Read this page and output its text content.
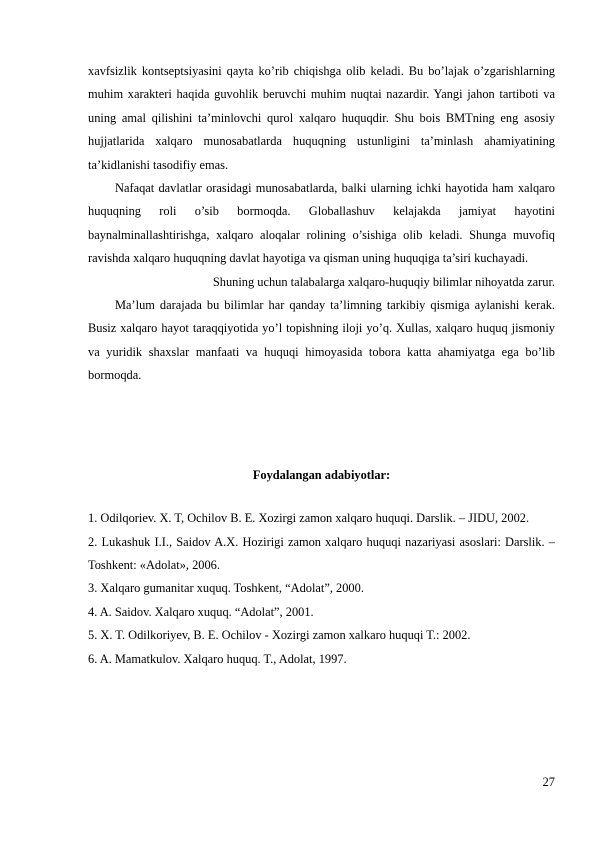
xavfsizlik kontseptsiyasini qayta ko’rib chiqishga olib keladi. Bu bo’lajak o’zgarishlarning muhim xarakteri haqida guvohlik beruvchi muhim nuqtai nazardir. Yangi jahon tartiboti va uning amal qilishini ta’minlovchi qurol xalqaro huquqdir. Shu bois BMTning eng asosiy hujjatlarida xalqaro munosabatlarda huquqning ustunligini ta’minlash ahamiyatining ta’kidlanishi tasodifiy emas.

Nafaqat davlatlar orasidagi munosabatlarda, balki ularning ichki hayotida ham xalqaro huquqning roli o’sib bormoqda. Globallashuv kelajakda jamiyat hayotini baynalminallashtirishga, xalqaro aloqalar rolining o’sishiga olib keladi. Shunga muvofiq ravishda xalqaro huquqning davlat hayotiga va qisman uning huquqiga ta’siri kuchayadi.

Shuning uchun talabalarga xalqaro-huquqiy bilimlar nihoyatda zarur.

Ma’lum darajada bu bilimlar har qanday ta’limning tarkibiy qismiga aylanishi kerak. Busiz xalqaro hayot taraqqiyotida yo’l topishning iloji yo’q. Xullas, xalqaro huquq jismoniy va yuridik shaxslar manfaati va huquqi himoyasida tobora katta ahamiyatga ega bo’lib bormoqda.

Foydalangan adabiyotlar:

1. Odilqoriev. X. T, Ochilov B. E. Xozirgi zamon xalqaro huquqi. Darslik. – JIDU, 2002.

2. Lukashuk I.I., Saidov A.X. Hozirigi zamon xalqaro huquqi nazariyasi asoslari: Darslik. – Toshkent: «Adolat», 2006.

3. Xalqaro gumanitar xuquq. Toshkent, “Adolat”, 2000.

4. A. Saidov. Xalqaro xuquq. “Adolat”, 2001.

5. X. T. Odilkoriyev, B. E. Ochilov - Xozirgi zamon xalkaro huquqi T.: 2002.

6. A. Mamatkulov. Xalqaro huquq. T., Adolat, 1997.

27
